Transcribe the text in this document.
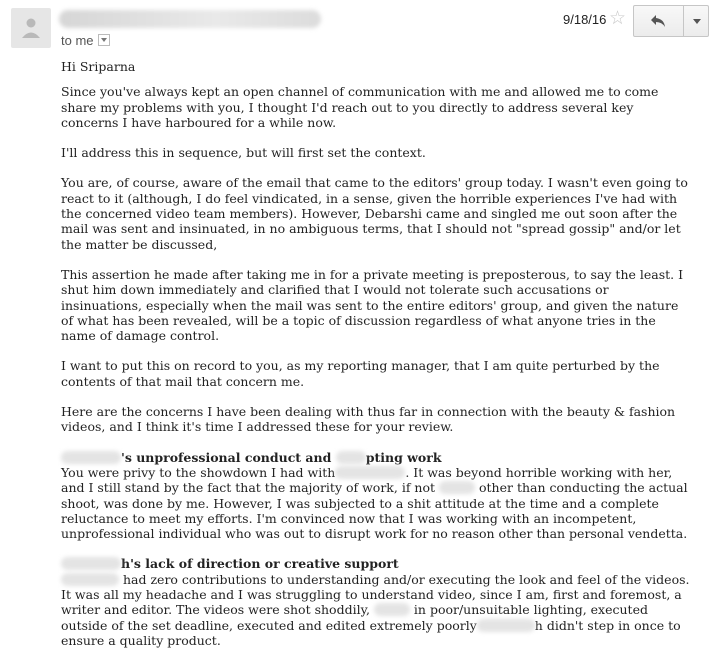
to me
9/18/16 ☆

Hi Sriparna

Since you've always kept an open channel of communication with me and allowed me to come share my problems with you, I thought I'd reach out to you directly to address several key concerns I have harboured for a while now.

I'll address this in sequence, but will first set the context.

You are, of course, aware of the email that came to the editors' group today. I wasn't even going to react to it (although, I do feel vindicated, in a sense, given the horrible experiences I've had with the concerned video team members). However, Debarshi came and singled me out soon after the mail was sent and insinuated, in no ambiguous terms, that I should not "spread gossip" and/or let the matter be discussed,

This assertion he made after taking me in for a private meeting is preposterous, to say the least. I shut him down immediately and clarified that I would not tolerate such accusations or insinuations, especially when the mail was sent to the entire editors' group, and given the nature of what has been revealed, will be a topic of discussion regardless of what anyone tries in the name of damage control.

I want to put this on record to you, as my reporting manager, that I am quite perturbed by the contents of that mail that concern me.

Here are the concerns I have been dealing with thus far in connection with the beauty & fashion videos, and I think it's time I addressed these for your review.

's unprofessional conduct and pting work

You were privy to the showdown I had with	. It was beyond horrible working with her, and I still stand by the fact that the majority of work, if not	other than conducting the actual shoot, was done by me. However, I was subjected to a shit attitude at the time and a complete reluctance to meet my efforts. I'm convinced now that I was working with an incompetent, unprofessional individual who was out to disrupt work for no reason other than personal vendetta.

h's lack of direction or creative support

had zero contributions to understanding and/or executing the look and feel of the videos. It was all my headache and I was struggling to understand video, since I am, first and foremost, a writer and editor. The videos were shot shoddily,	in poor/unsuitable lighting, executed outside of the set deadline, executed and edited extremely poorly	h didn't step in once to ensure a quality product.
